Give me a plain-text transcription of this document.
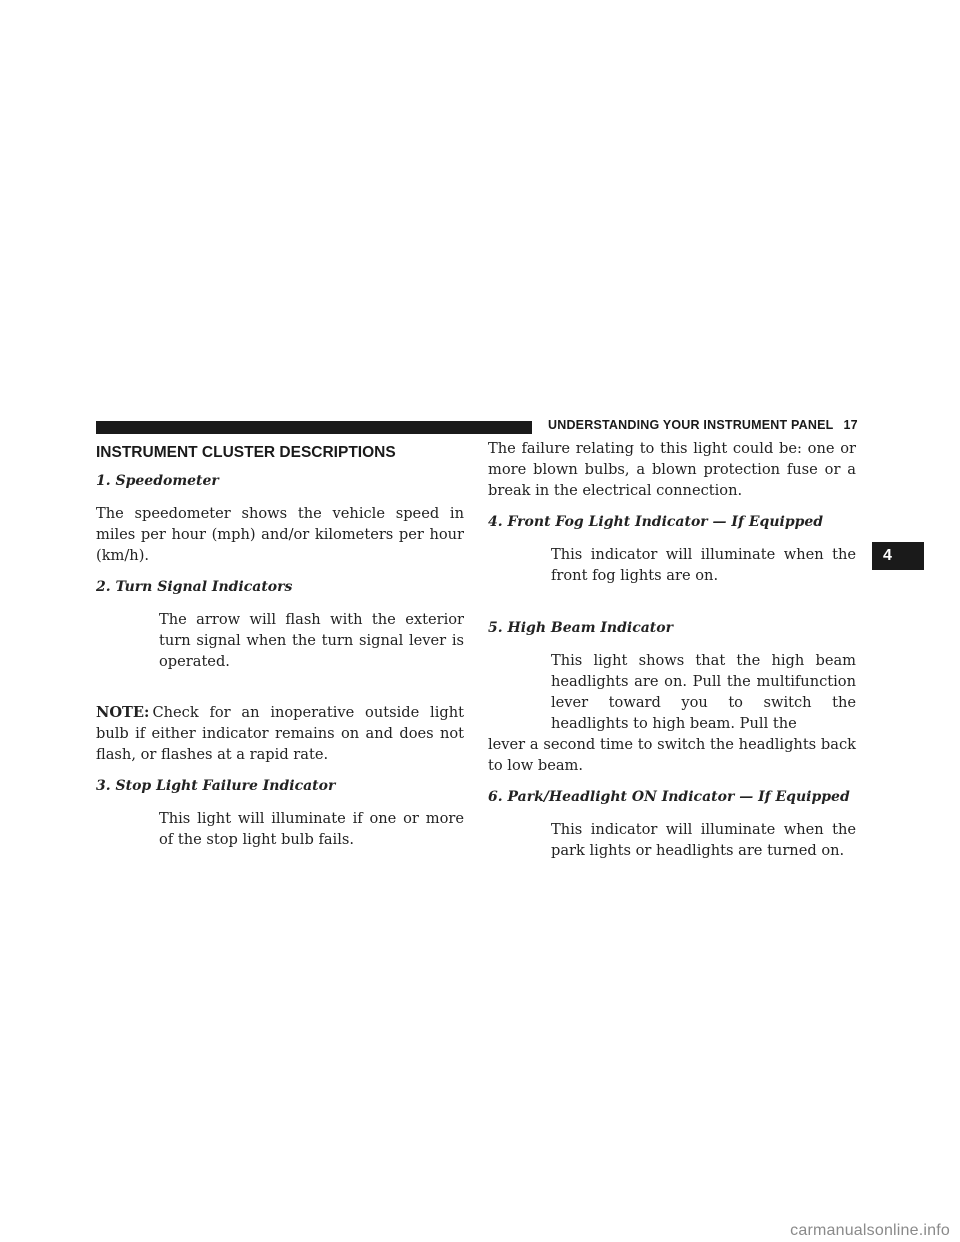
UNDERSTANDING YOUR INSTRUMENT PANEL 17
4
INSTRUMENT CLUSTER DESCRIPTIONS
1. Speedometer

The speedometer shows the vehicle speed in miles per hour (mph) and/or kilometers per hour (km/h).

2. Turn Signal Indicators

The arrow will flash with the exterior turn signal when the turn signal lever is operated.

NOTE: Check for an inoperative outside light bulb if either indicator remains on and does not flash, or flashes at a rapid rate.

3. Stop Light Failure Indicator

This light will illuminate if one or more of the stop light bulb fails.

The failure relating to this light could be: one or more blown bulbs, a blown protection fuse or a break in the electrical connection.

4. Front Fog Light Indicator — If Equipped

This indicator will illuminate when the front fog lights are on.

5. High Beam Indicator

This light shows that the high beam headlights are on. Pull the multifunction lever toward you to switch the headlights to high beam. Pull the

lever a second time to switch the headlights back to low beam.

6. Park/Headlight ON Indicator — If Equipped

This indicator will illuminate when the park lights or headlights are turned on.

carmanualsonline.info
